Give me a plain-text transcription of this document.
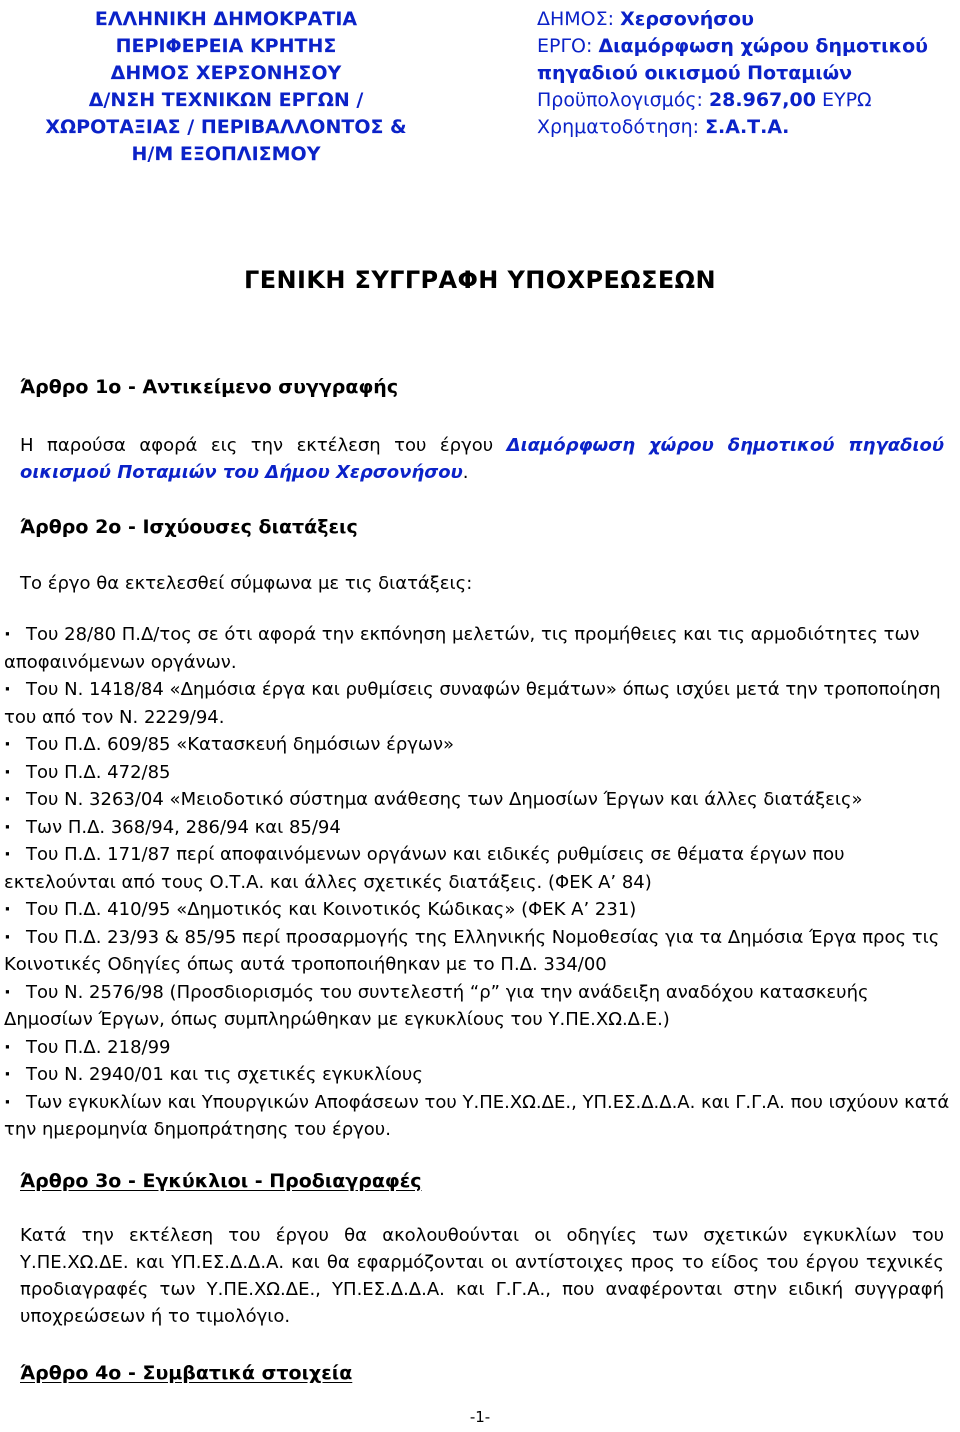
ΕΛΛΗΝΙΚΗ ΔΗΜΟΚΡΑΤΙΑ
ΠΕΡΙΦΕΡΕΙΑ ΚΡΗΤΗΣ
ΔΗΜΟΣ ΧΕΡΣΟΝΗΣΟΥ
Δ/ΝΣΗ ΤΕΧΝΙΚΩΝ ΕΡΓΩΝ /
ΧΩΡΟΤΑΞΙΑΣ / ΠΕΡΙΒΑΛΛΟΝΤΟΣ &
Η/Μ ΕΞΟΠΛΙΣΜΟΥ
ΔΗΜΟΣ: Χερσονήσου
ΕΡΓΟ: Διαμόρφωση χώρου δημοτικού
πηγαδιού οικισμού Ποταμιών
Προϋπολογισμός: 28.967,00 ΕΥΡΩ
Χρηματοδότηση: Σ.Α.Τ.Α.
ΓΕΝΙΚΗ ΣΥΓΓΡΑΦΗ ΥΠΟΧΡΕΩΣΕΩΝ
Άρθρο 1ο - Αντικείμενο συγγραφής
Η παρούσα αφορά εις την εκτέλεση του έργου Διαμόρφωση χώρου δημοτικού πηγαδιού οικισμού Ποταμιών του Δήμου Χερσονήσου.
Άρθρο 2ο - Ισχύουσες διατάξεις
Το έργο θα εκτελεσθεί σύμφωνα με τις διατάξεις:

· Του 28/80 Π.Δ/τος σε ότι αφορά την εκπόνηση μελετών, τις προμήθειες και τις αρμοδιότητες των αποφαινόμενων οργάνων.

· Του Ν. 1418/84 «Δημόσια έργα και ρυθμίσεις συναφών θεμάτων» όπως ισχύει μετά την τροποποίηση του από τον Ν. 2229/94.

· Του Π.Δ. 609/85 «Κατασκευή δημόσιων έργων»

· Του Π.Δ. 472/85

· Του Ν. 3263/04 «Μειοδοτικό σύστημα ανάθεσης των Δημοσίων Έργων και άλλες διατάξεις»

· Των Π.Δ. 368/94, 286/94 και 85/94

· Του Π.Δ. 171/87 περί αποφαινόμενων οργάνων και ειδικές ρυθμίσεις σε θέματα έργων που εκτελούνται από τους Ο.Τ.Α. και άλλες σχετικές διατάξεις. (ΦΕΚ Α’ 84)

· Του Π.Δ. 410/95 «Δημοτικός και Κοινοτικός Κώδικας» (ΦΕΚ Α’ 231)

· Του Π.Δ. 23/93 & 85/95 περί προσαρμογής της Ελληνικής Νομοθεσίας για τα Δημόσια Έργα προς τις Κοινοτικές Οδηγίες όπως αυτά τροποποιήθηκαν με το Π.Δ. 334/00

· Του Ν. 2576/98 (Προσδιορισμός του συντελεστή “ρ” για την ανάδειξη αναδόχου κατασκευής Δημοσίων Έργων, όπως συμπληρώθηκαν με εγκυκλίους του Υ.ΠΕ.ΧΩ.Δ.Ε.)

· Του Π.Δ. 218/99

· Του Ν. 2940/01 και τις σχετικές εγκυκλίους

· Των εγκυκλίων και Υπουργικών Αποφάσεων του Υ.ΠΕ.ΧΩ.ΔΕ., ΥΠ.ΕΣ.Δ.Δ.Α. και Γ.Γ.Α. που ισχύουν κατά την ημερομηνία δημοπράτησης του έργου.

Άρθρο 3ο - Εγκύκλιοι - Προδιαγραφές
Κατά την εκτέλεση του έργου θα ακολουθούνται οι οδηγίες των σχετικών εγκυκλίων του Υ.ΠΕ.ΧΩ.ΔΕ. και ΥΠ.ΕΣ.Δ.Δ.Α. και θα εφαρμόζονται οι αντίστοιχες προς το είδος του έργου τεχνικές προδιαγραφές των Υ.ΠΕ.ΧΩ.ΔΕ., ΥΠ.ΕΣ.Δ.Δ.Α. και Γ.Γ.Α., που αναφέρονται στην ειδική συγγραφή υποχρεώσεων ή το τιμολόγιο.
Άρθρο 4ο - Συμβατικά στοιχεία
-1-
